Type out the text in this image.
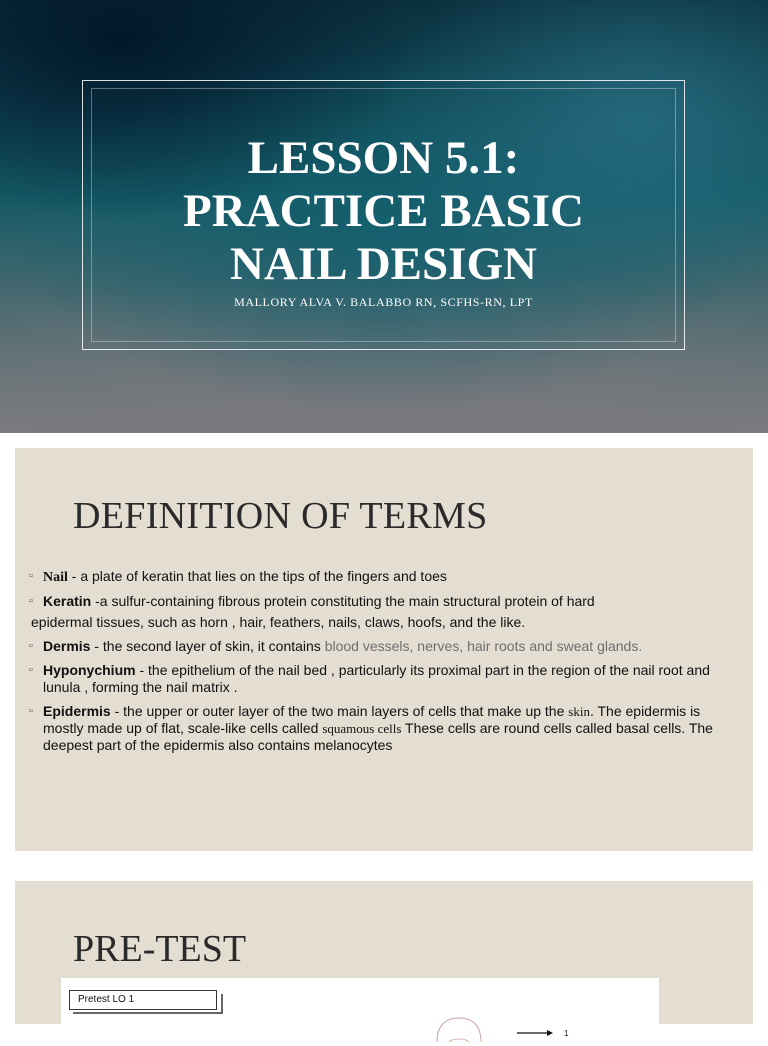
LESSON 5.1:
PRACTICE BASIC
NAIL DESIGN

MALLORY ALVA V. BALABBO RN, SCFHS-RN, LPT

DEFINITION OF TERMS
▫ Nail - a plate of keratin that lies on the tips of the fingers and toes
▫ Keratin -a sulfur-containing fibrous protein constituting the main structural protein of hard
epidermal tissues, such as horn , hair, feathers, nails, claws, hoofs, and the like.
▫ Dermis - the second layer of skin, it contains blood vessels, nerves, hair roots and sweat glands.
▫ Hyponychium - the epithelium of the nail bed , particularly its proximal part in the region of the nail root and lunula , forming the nail matrix .
▫ Epidermis - the upper or outer layer of the two main layers of cells that make up the skin. The epidermis is mostly made up of flat, scale-like cells called squamous cells These cells are round cells called basal cells. The deepest part of the epidermis also contains melanocytes
PRE-TEST
Pretest LO 1
1
